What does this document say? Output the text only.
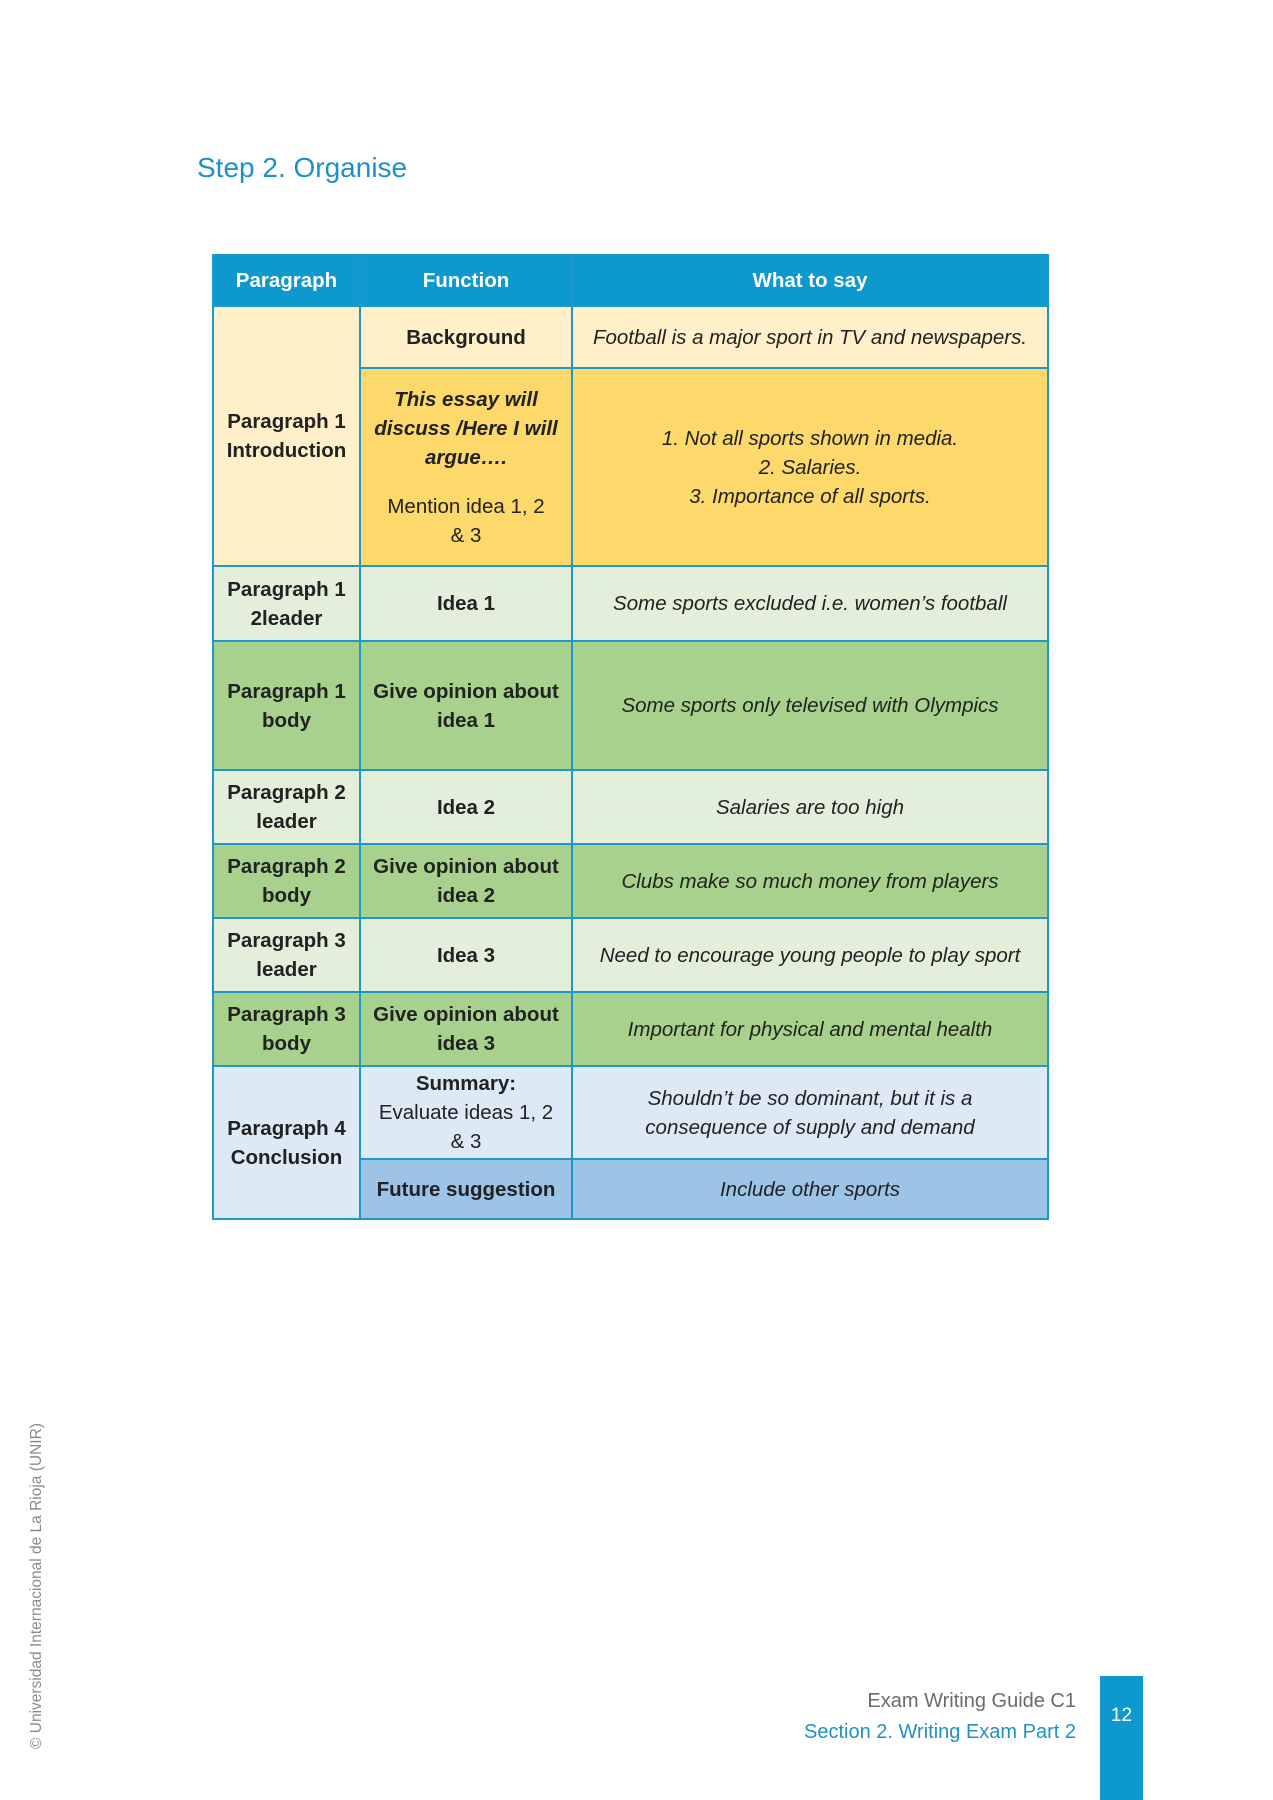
Step 2. Organise
Paragraph	Function	What to say
Paragraph 1
Introduction	Background	Football is a major sport in TV and newspapers.
	This essay will
discuss /Here I will
argue….
Mention idea 1, 2
& 3	1. Not all sports shown in media.
2. Salaries.
3. Importance of all sports.
Paragraph 1
2leader	Idea 1	Some sports excluded i.e. women’s football
Paragraph 1
body	Give opinion about
idea 1	Some sports only televised with Olympics
Paragraph 2
leader	Idea 2	Salaries are too high
Paragraph 2
body	Give opinion about
idea 2	Clubs make so much money from players
Paragraph 3
leader	Idea 3	Need to encourage young people to play sport
Paragraph 3
body	Give opinion about
idea 3	Important for physical and mental health
Paragraph 4
Conclusion	Summary:
Evaluate ideas 1, 2
& 3	Shouldn’t be so dominant, but it is a
consequence of supply and demand
	Future suggestion	Include other sports
© Universidad Internacional de La Rioja (UNIR)	Exam Writing Guide C1
Section 2. Writing Exam Part 2
12
